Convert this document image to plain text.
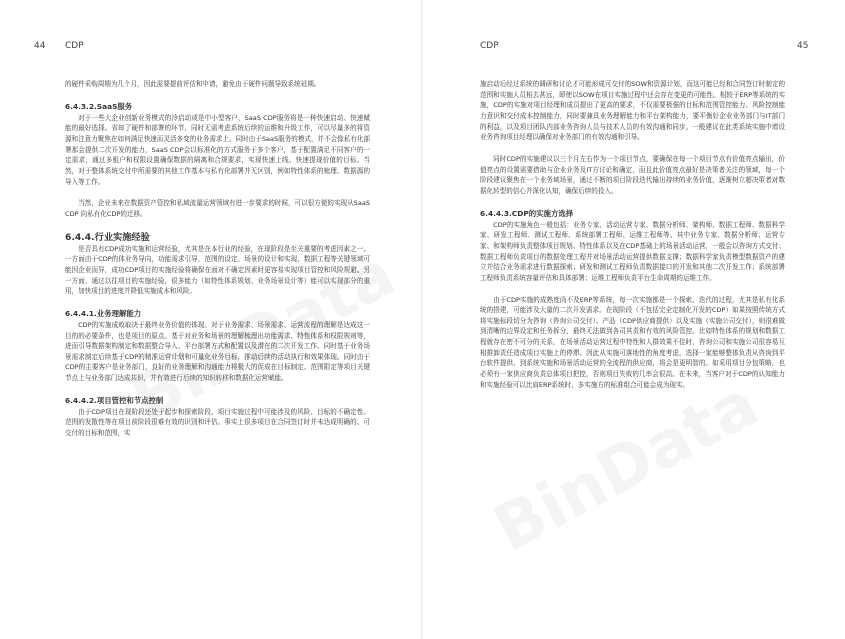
44 CDP

的硬件采购周期为几个月，因此需要提前评估和申请，避免由于硬件问题导致系统延期。

6.4.3.2.SaaS服务

对于一些大企业创新业务模式的冷启动或是中小型客户，SaaS CDP服务将是一种快速启动、快速赋能的最好选择。省却了硬件和部署的环节，同时无需考虑系统后续的运维和升级工作，可以尽量多的将资源和注意力聚焦在如何满足快速而灵活多变的业务需求上。同时由于SaaS服务的模式，并不会像私有化部署那会提供二次开发的能力，SaaS CDP会以标准化的方式服务于多个客户，基于配置满足不同客户的一定需求，通过多租户和权限设置确保数据的隔离和合规要求，实现快速上线、快速提现价值的目标。当然，对于整体系统交付中所需要的其他工作基本与私有化部署并无区别，例如特性体系的梳理、数据源的导入等工作。

当然，企业未来在数据资产管控和私域流量运营领域有进一步要求的时候，可以很方便的实现从SaaS CDP 向私有化CDP的迁移。

6.4.4.行业实施经验

是否具有CDP成功实施和运营经验，尤其是在本行业的经验，在现阶段是至关重要的考虑因素之一。一方面由于CDP的体业务导向，功能需求引导，范围的设定、场景的设计和实现、数据工程等关键领域可能因企业而异，成功CDP项目的实施经验将确保在面对不确定因素时更容易实现项目管控和风险规避。另一方面，通过以往项目的实施经验，很多能力（如特性体系规划、业务场景设计等）能可以实现部分的重用，加快项目的进度并降低实施成本和风险。

6.4.4.1.业务理解能力

CDP的实施成败取决于最终业务价值的体现。对于业务需求、场景需求、运营流程的理解是达成这一目的的必要条件，也是项目的原点。基于对业务和场景的理解梳理出功能需求、特性体系和权限规则等，进而引导数据架构制定和数据整合导入、平台部署方式和配置以及潜在的二次开发工作。同时基于业务场景需求制定后续基于CDP的精准运营计划和可量化业务目标，推动后续的活动执行和效果体现。同时由于CDP的主要客户是业务部门，良好的业务理解和沟通能力将极大的促成在目标制定、范围限定等项目关键节点上与业务部门达成共识，并有效进行后续的知识转移和数据化运营赋能。

6.4.4.2.项目管控和节点控制

由于CDP项目在现阶段还处于起步和探索阶段，项目实施过程中可能涉及的风险、目标的不确定性、范围的发散性等在项目前阶段很难有效的识别和评估。事实上很多项目在合同签订时并未达成明确的、可交付的目标和范围，实

CDP	45

施启动后经过系统的调研和讨论才可能形成可交付的SOW和资源计划，而这可能已经和合同签订时制定的范围和实施人员相去甚远，即使以SOW在项目实施过程中还会存在变更的可能性。相较于ERP等系统的实施，CDP的实施对项目经理和成员提出了更高的要求，不仅需要极强的目标和范围管控能力、风险控制能力意识和交付成本控制能力，同时要兼具业务理解能力和平台架构能力，要平衡好企业业务部门与IT部门的利益，以及项目团队内部业务咨询人员与技术人员的有效沟通和同步。一般建议在此类系统实施中增设业务咨询项目经理以确保对业务部门的有效沟通和引导。

同时CDP的实施建议以三个月左右作为一个项目节点，要确保在每一个项目节点有价值亮点输出，价值亮点的设置需要借助与企业业务及IT方讨论和确定，而且此价值亮点最好是决策者关注的领域，每一个阶段建议聚焦在一个业务域场景，通过不断的项目阶段迭代输出持续的业务价值，逐渐树立超决策者对数据化转型的信心并深化认知，确保后续的投入。

6.4.4.3.CDP的实施方选择

CDP的实施角色一般包括：业务专家、活动运营专家、数据分析师、架构师、数据工程师、数据科学家、研发工程师、测试工程师、系统部署工程师、运维工程师等。其中业务专家、数据分析师、运营专家、和架构师负责整体项目规划、特性体系以及在CDP基础上的场景活动运营，一般会以咨询方式交付；数据工程师负责项目的数据处理工程并对场景活动运营提供数据支撑；数据科学家负责模型数据资产的建立并结合业务需求进行数据探索；研发和测试工程师负责数据接口的开发和其他二次开发工作；系统部署工程师负责系统容量评估和具体部署；运维工程师负责平台生命周期的运维工作。

由于CDP实施的成熟度尚不及ERP等系统，每一次实施都是一个探索、迭代的过程，尤其是私有化系统的搭建，可能涉及大量的二次开发需求。在现阶段（不包括完全定制化开发的CDP）如果按照传统方式将实施标段切分为咨询（咨询公司交付）、产品（CDP供应商提供）以及实施（实施公司交付），则很难做到清晰的边界设定和任务拆分，最终无法做到各司其责和有效的风险管控。比如特性体系的规划和数据工程就存在密不可分的关系，在场景活动运营过程中特性和人群效果不佳时，咨询公司和实施公司很容易互相推卸责任造成项目实施上的停滞。因此从实施可落地性的角度考虑，选择一家能够整体负责从咨询到平台软件提供、到系统实施和场景活动运营的全流程的供应商，将会是更明智的。如采用项目分包策略，也必须有一家供应商负责总体项目把控，否则项目失败的几率会很高。在未来，当客户对于CDP的认知能力和实施经验可以比肩ERP系统时，多实施方的标准组合可能会成为现实。
